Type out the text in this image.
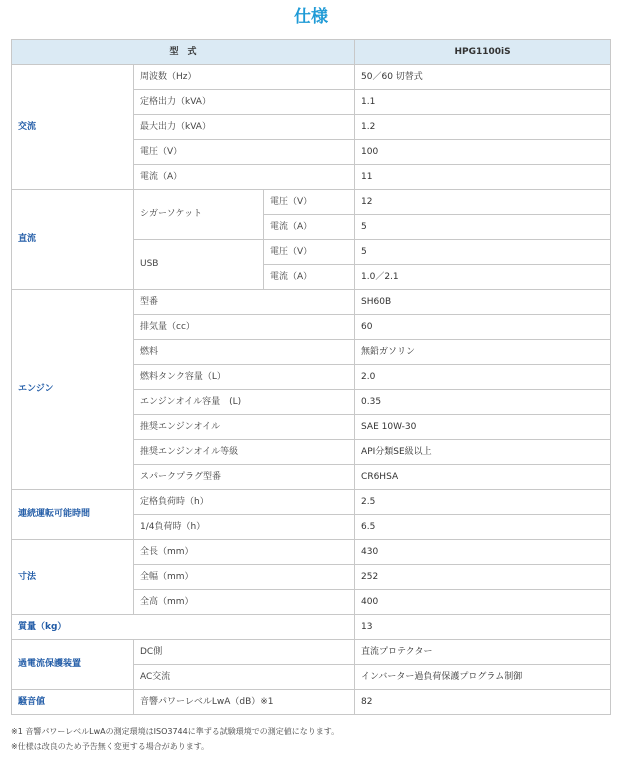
仕様
型　式			HPG1100iS
交流	周波数（Hz）		50／60 切替式
	定格出力（kVA）		1.1
	最大出力（kVA）		1.2
	電圧（V）		100
	電流（A）		11
直流	シガーソケット	電圧（V）	12
		電流（A）	5
	USB	電圧（V）	5
		電流（A）	1.0／2.1
エンジン	型番		SH60B
	排気量（cc）		60
	燃料		無鉛ガソリン
	燃料タンク容量（L）		2.0
	エンジンオイル容量　(L)		0.35
	推奨エンジンオイル		SAE 10W-30
	推奨エンジンオイル等級		API分類SE級以上
	スパークプラグ型番		CR6HSA
連続運転可能時間	定格負荷時（h）		2.5
	1/4負荷時（h）		6.5
寸法	全長（mm）		430
	全幅（mm）		252
	全高（mm）		400
質量（kg）			13
過電流保護装置	DC側		直流プロテクター
	AC交流		インバーター過負荷保護プログラム制御
騒音値	音響パワーレベルLwA（dB）※1		82

※1 音響パワーレベルLwAの測定環境はISO3744に準ずる試験環境での測定値になります。

※仕様は改良のため予告無く変更する場合があります。
